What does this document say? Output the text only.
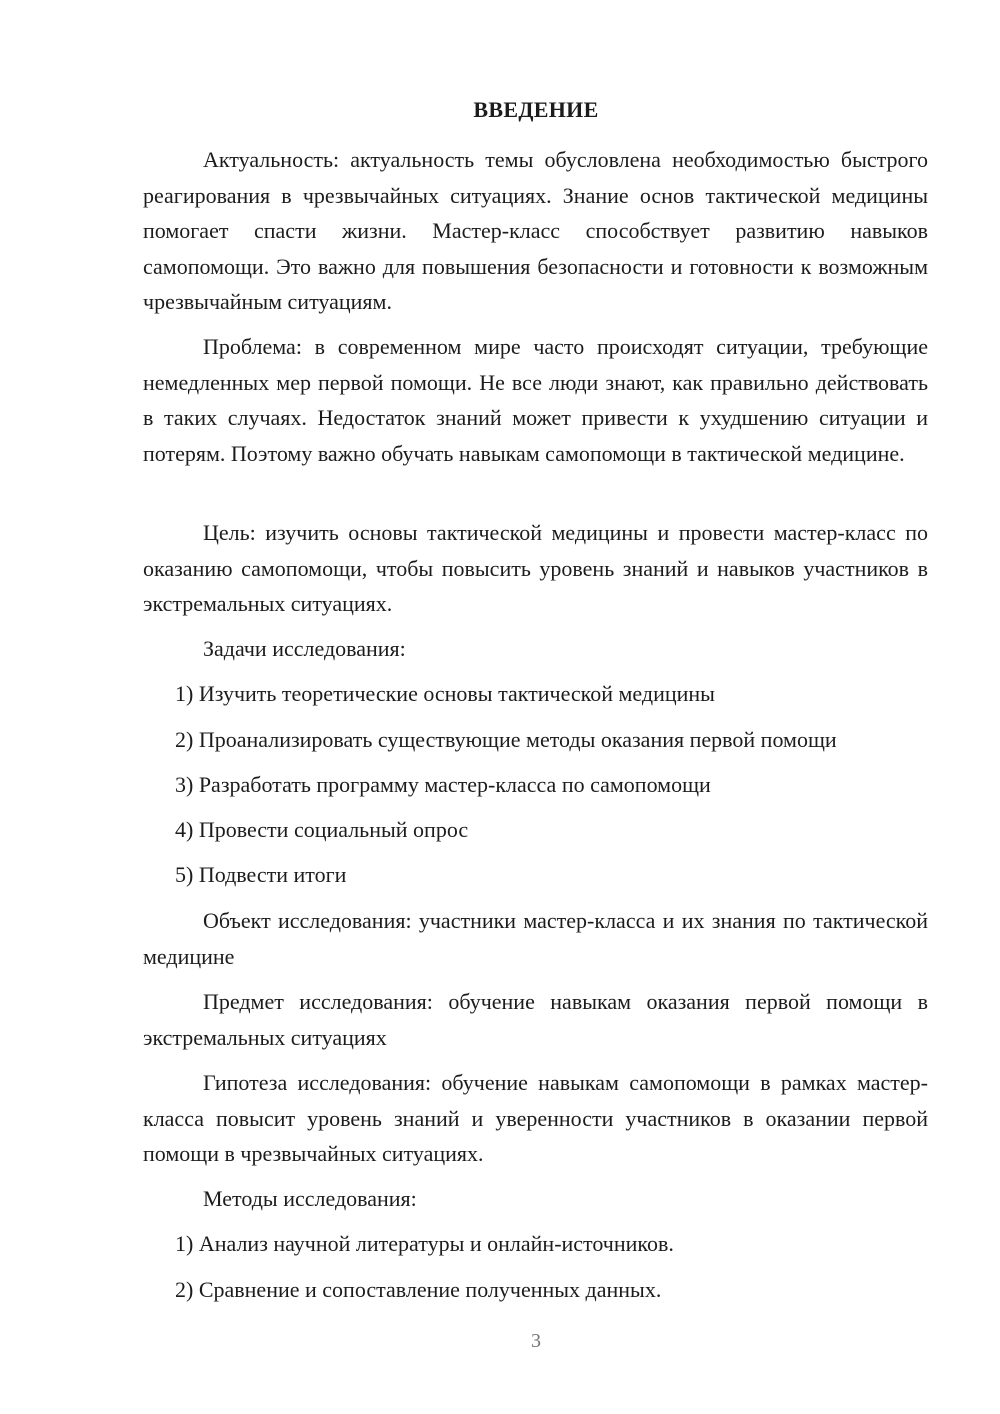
ВВЕДЕНИЕ

Актуальность: актуальность темы обусловлена необходимостью быстрого реагирования в чрезвычайных ситуациях. Знание основ тактической медицины помогает спасти жизни. Мастер-класс способствует развитию навыков самопомощи. Это важно для повышения безопасности и готовности к возможным чрезвычайным ситуациям.

Проблема: в современном мире часто происходят ситуации, требующие немедленных мер первой помощи. Не все люди знают, как правильно действовать в таких случаях. Недостаток знаний может привести к ухудшению ситуации и потерям. Поэтому важно обучать навыкам самопомощи в тактической медицине.

Цель: изучить основы тактической медицины и провести мастер-класс по оказанию самопомощи, чтобы повысить уровень знаний и навыков участников в экстремальных ситуациях.

Задачи исследования:

1) Изучить теоретические основы тактической медицины

2) Проанализировать существующие методы оказания первой помощи

3) Разработать программу мастер-класса по самопомощи

4) Провести социальный опрос

5) Подвести итоги

Объект исследования: участники мастер-класса и их знания по тактической медицине

Предмет исследования: обучение навыкам оказания первой помощи в экстремальных ситуациях

Гипотеза исследования: обучение навыкам самопомощи в рамках мастер-класса повысит уровень знаний и уверенности участников в оказании первой помощи в чрезвычайных ситуациях.

Методы исследования:

1) Анализ научной литературы и онлайн-источников.

2) Сравнение и сопоставление полученных данных.

3
